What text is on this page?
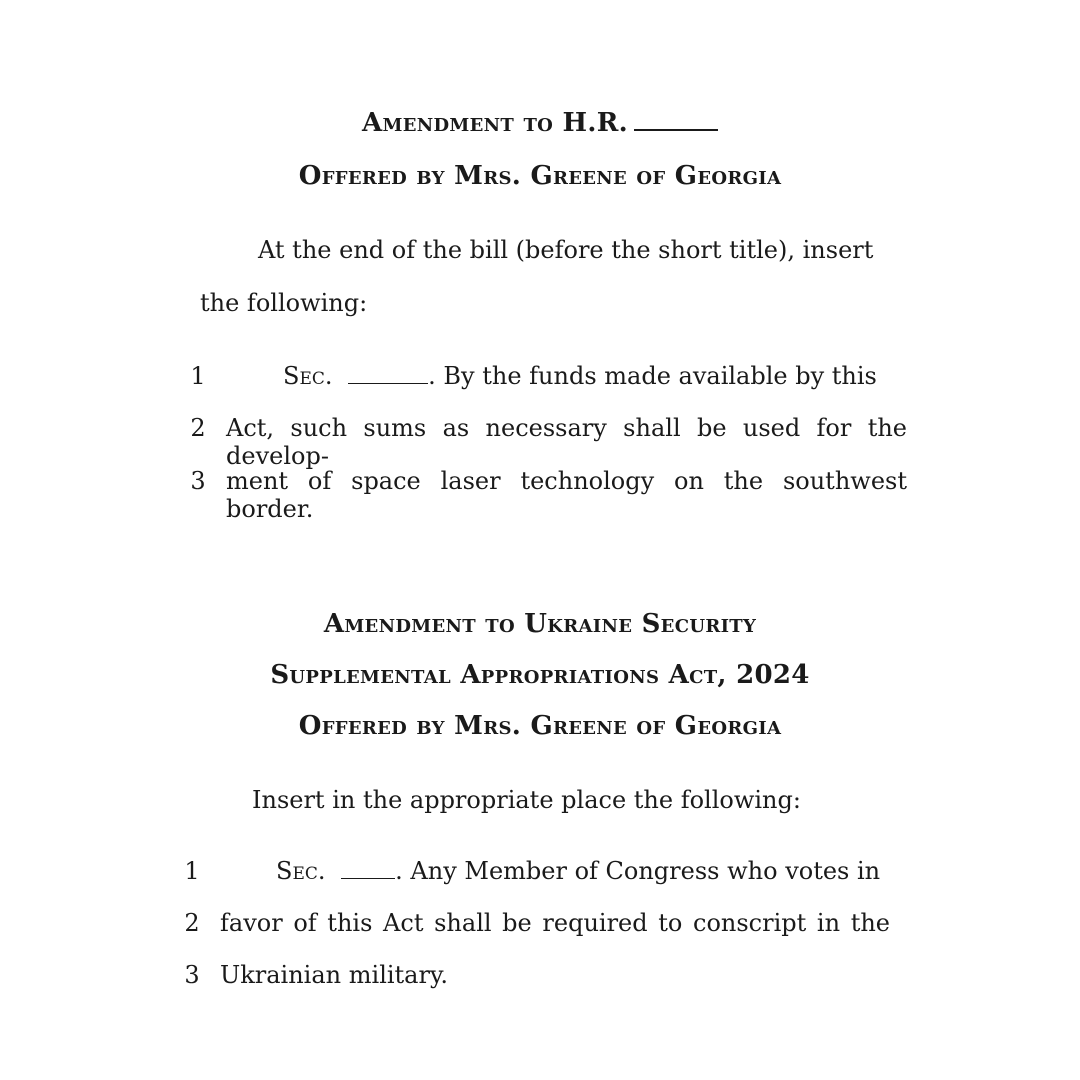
Amendment to H.R.
Offered by Mrs. Greene of Georgia
At the end of the bill (before the short title), insert
the following:
1
2
3
Sec.	. By the funds made available by this
Act, such sums as necessary shall be used for the develop-
ment of space laser technology on the southwest border.
Amendment to Ukraine Security
Supplemental Appropriations Act, 2024
Offered by Mrs. Greene of Georgia
Insert in the appropriate place the following:
1
2
3
Sec.	. Any Member of Congress who votes in
favor of this Act shall be required to conscript in the
Ukrainian military.
